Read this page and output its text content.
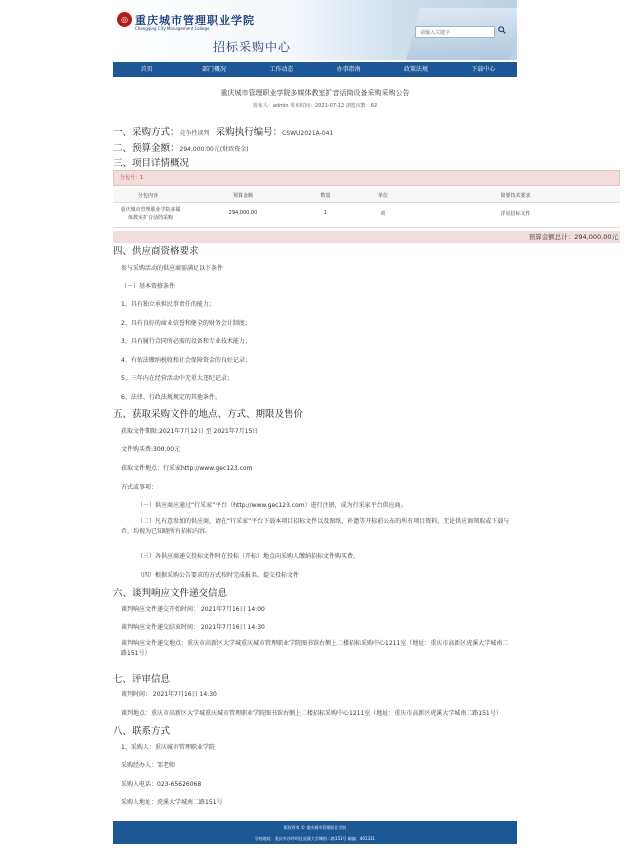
◎ 重庆城市管理职业学院
Chongqing City Management College
招标采购中心
请输入关键字
首页	部门概况	工作动态	办事指南	政策法规	下载中心
重庆城市管理职业学院多媒体教室扩音话筒设备采购采购公告
发布人：admin 发布时间：2021-07-12 浏览次数：62
一、采购方式：竞争性谈判 采购执行编号：CSWU2021A-041
二、预算金额：294,000.00元(财政资金)
三、项目详情概况
分包号：1
分包内容	预算金额	数量	单位	简要技术要求
重庆城市管理职业学院多媒
体教室扩音话筒采购
294,000.00	1	项	详见招标文件
预算金额总计：294,000.00元
四、供应商资格要求
参与采购活动的供应商需满足以下条件
（一）基本资格条件
1、具有独立承担民事责任的能力；
2、具有良好的商业信誉和健全的财务会计制度；
3、具有履行合同所必需的设备和专业技术能力；
4、有依法缴纳税收和社会保障资金的良好记录；
5、三年内在经营活动中无重大违纪记录；
6、法律、行政法规规定的其他条件。
五、获取采购文件的地点、方式、期限及售价
获取文件期限:2021年7月12日 至 2021年7月15日
文件购买费:300.00元
获取文件地点：行采家http://www.gec123.com
方式或事项：
（一）供应商应通过“行采家”平台（http://www.gec123.com）进行注册，成为行采家平台供应商。
（二）凡有意参加的供应商，请在“行采家”平台下载本项目招标文件以及图纸、补遗等开标前公布的所有项目资料，无论供应商领取或下载与否，均视为已知晓所有招标内容。
（三）各供应商递交投标文件时在投标（开标）地点向采购人缴纳招标文件购买费。
（四）根据采购公告要求的方式按时完成报名、提交投标文件
六、谈判响应文件递交信息
谈判响应文件递交开始时间： 2021年7月16日 14:00
谈判响应文件递交结束时间： 2021年7月16日 14:30
谈判响应文件递交地点：重庆市高新区大学城重庆城市管理职业学院图书馆右侧上二楼招标采购中心1211室（地址：重庆市高新区虎溪大学城南二路151号）
七、评审信息
谈判时间： 2021年7月16日 14:30
谈判地点：重庆市高新区大学城重庆城市管理职业学院图书馆右侧上二楼招标采购中心1211室（地址：重庆市高新区虎溪大学城南二路151号）
八、联系方式
1、采购人：重庆城市管理职业学院
采购经办人：邹老师
采购人电话：023-65626068
采购人地址：虎溪大学城南二路151号
版权所有 © 重庆城市管理职业学院
学校地址：重庆市沙坪坝区虎溪大学城南二路151号 邮编：401331
